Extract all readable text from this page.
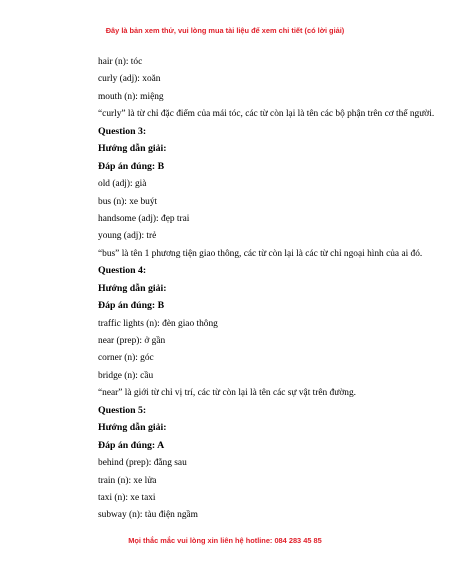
Đây là bản xem thử, vui lòng mua tài liệu để xem chi tiết (có lời giải)
hair (n): tóc
curly (adj): xoăn
mouth (n): miệng
“curly” là từ chỉ đặc điểm của mái tóc, các từ còn lại là tên các bộ phận trên cơ thể người.
Question 3:
Hướng dẫn giải:
Đáp án đúng: B
old (adj): già
bus (n): xe buýt
handsome (adj): đẹp trai
young (adj): trẻ
“bus” là tên 1 phương tiện giao thông, các từ còn lại là các từ chỉ ngoại hình của ai đó.
Question 4:
Hướng dẫn giải:
Đáp án đúng: B
traffic lights (n): đèn giao thông
near (prep): ở gần
corner (n): góc
bridge (n): cầu
“near” là giới từ chỉ vị trí, các từ còn lại là tên các sự vật trên đường.
Question 5:
Hướng dẫn giải:
Đáp án đúng: A
behind (prep): đằng sau
train (n): xe lửa
taxi (n): xe taxi
subway (n): tàu điện ngầm
Mọi thắc mắc vui lòng xin liên hệ hotline: 084 283 45 85
